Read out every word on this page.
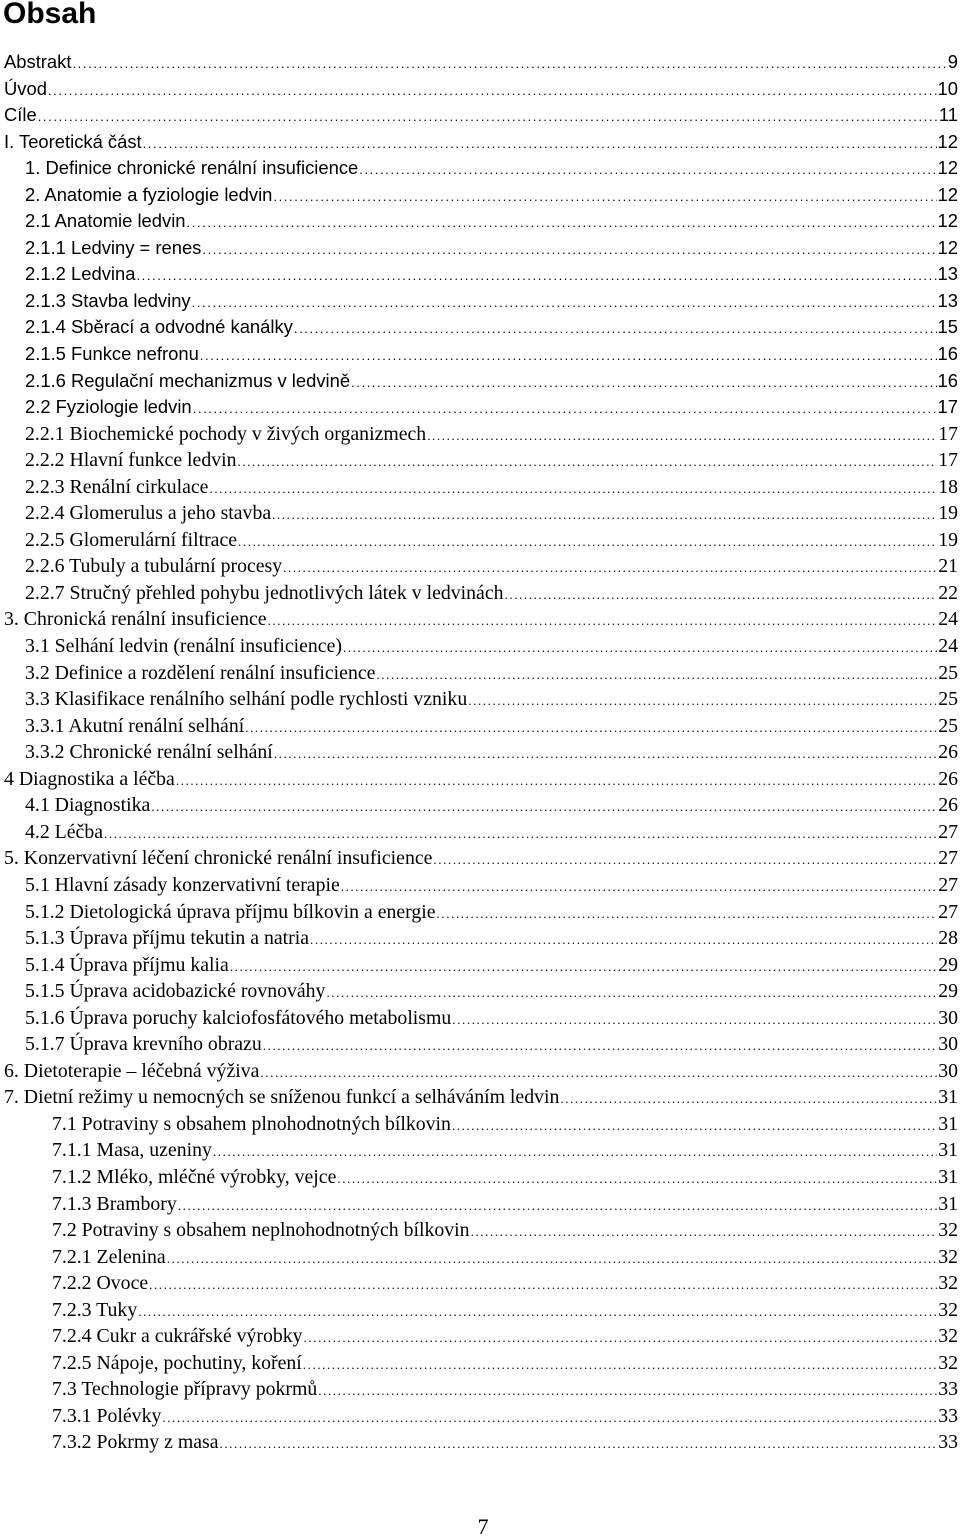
Obsah
Abstrakt .....	9
Úvod .....	10
Cíle .....	11
I. Teoretická část .....	12
1. Definice chronické renální insuficience .....	12
2. Anatomie a fyziologie ledvin .....	12
2.1 Anatomie ledvin .....	12
2.1.1 Ledviny = renes .....	12
2.1.2 Ledvina .....	13
2.1.3 Stavba ledviny .....	13
2.1.4 Sběrací a odvodné kanálky .....	15
2.1.5 Funkce nefronu .....	16
2.1.6 Regulační mechanizmus v ledvině .....	16
2.2 Fyziologie ledvin .....	17
2.2.1 Biochemické pochody v živých organizmech .....	17
2.2.2 Hlavní funkce ledvin .....	17
2.2.3 Renální cirkulace .....	18
2.2.4 Glomerulus a jeho stavba .....	19
2.2.5 Glomerulární filtrace .....	19
2.2.6 Tubuly a tubulární procesy .....	21
2.2.7 Stručný přehled pohybu jednotlivých látek v ledvinách .....	22
3. Chronická renální insuficience .....	24
3.1 Selhání ledvin (renální insuficience) .....	24
3.2 Definice a rozdělení renální insuficience .....	25
3.3 Klasifikace renálního selhání podle rychlosti vzniku .....	25
3.3.1 Akutní renální selhání .....	25
3.3.2 Chronické renální selhání .....	26
4 Diagnostika a léčba .....	26
4.1 Diagnostika .....	26
4.2 Léčba .....	27
5. Konzervativní léčení chronické renální insuficience .....	27
5.1 Hlavní zásady konzervativní terapie .....	27
5.1.2 Dietologická úprava příjmu bílkovin a energie .....	27
5.1.3 Úprava příjmu tekutin a natria .....	28
5.1.4 Úprava příjmu kalia .....	29
5.1.5 Úprava acidobazické rovnováhy .....	29
5.1.6 Úprava poruchy kalciofosfátového metabolismu .....	30
5.1.7 Úprava krevního obrazu .....	30
6. Dietoterapie – léčebná výživa .....	30
7. Dietní režimy u nemocných se sníženou funkcí a selháváním ledvin .....	31
7.1 Potraviny s obsahem plnohodnotných bílkovin .....	31
7.1.1 Masa, uzeniny .....	31
7.1.2 Mléko, mléčné výrobky, vejce .....	31
7.1.3 Brambory .....	31
7.2 Potraviny s obsahem neplnohodnotných bílkovin .....	32
7.2.1 Zelenina .....	32
7.2.2 Ovoce .....	32
7.2.3 Tuky .....	32
7.2.4 Cukr a cukrářské výrobky .....	32
7.2.5 Nápoje, pochutiny, koření .....	32
7.3 Technologie přípravy pokrmů .....	33
7.3.1 Polévky .....	33
7.3.2 Pokrmy z masa .....	33
7
